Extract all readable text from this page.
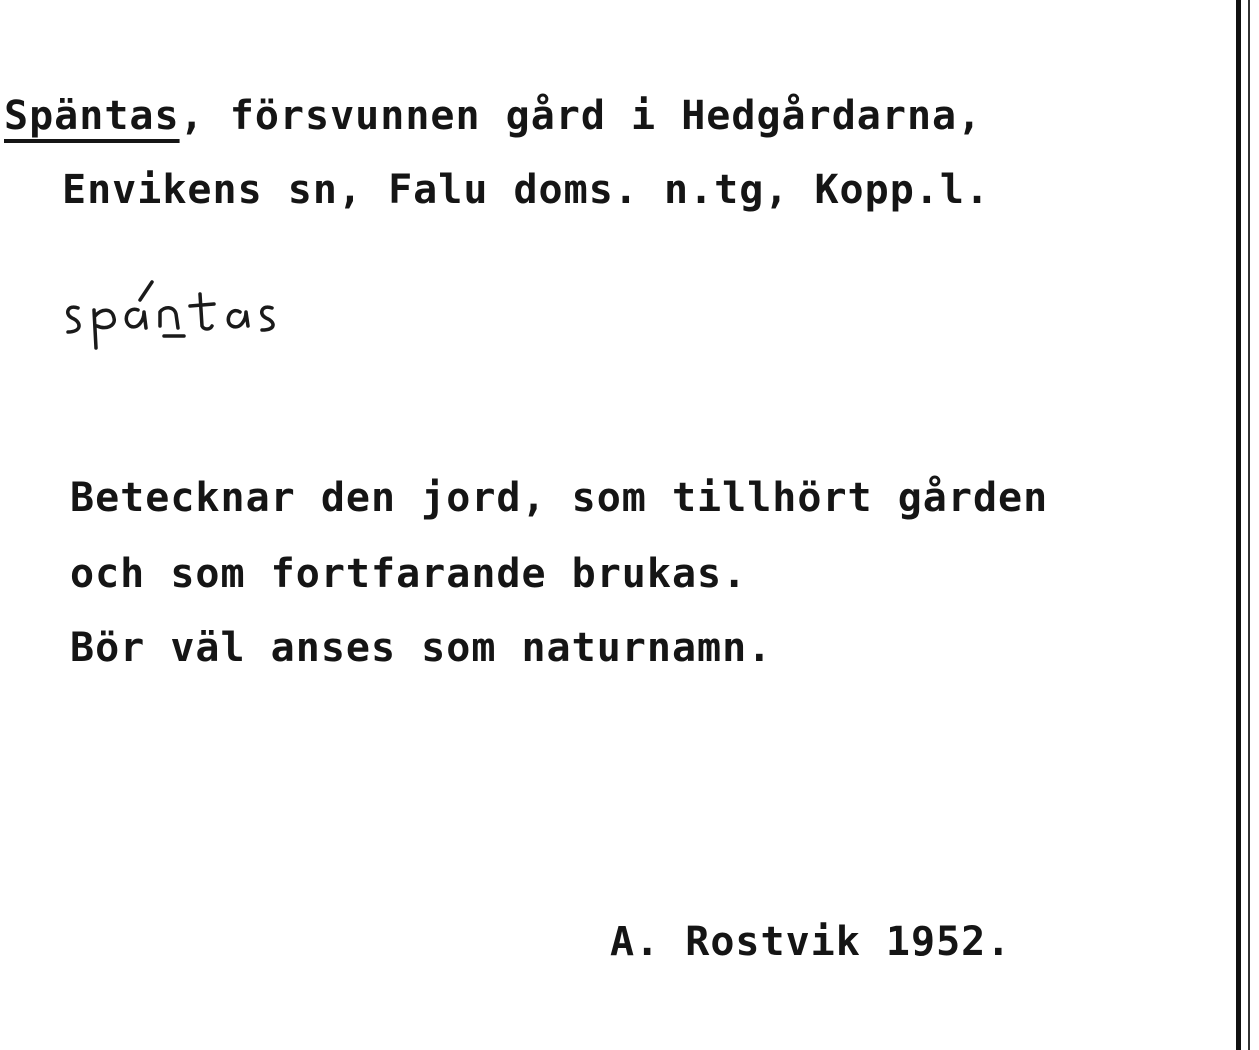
Späntas, försvunnen gård i Hedgårdarna,
Envikens sn, Falu doms. n.tg, Kopp.l.
Betecknar den jord, som tillhört gården
och som fortfarande brukas.
Bör väl anses som naturnamn.
A. Rostvik 1952.
